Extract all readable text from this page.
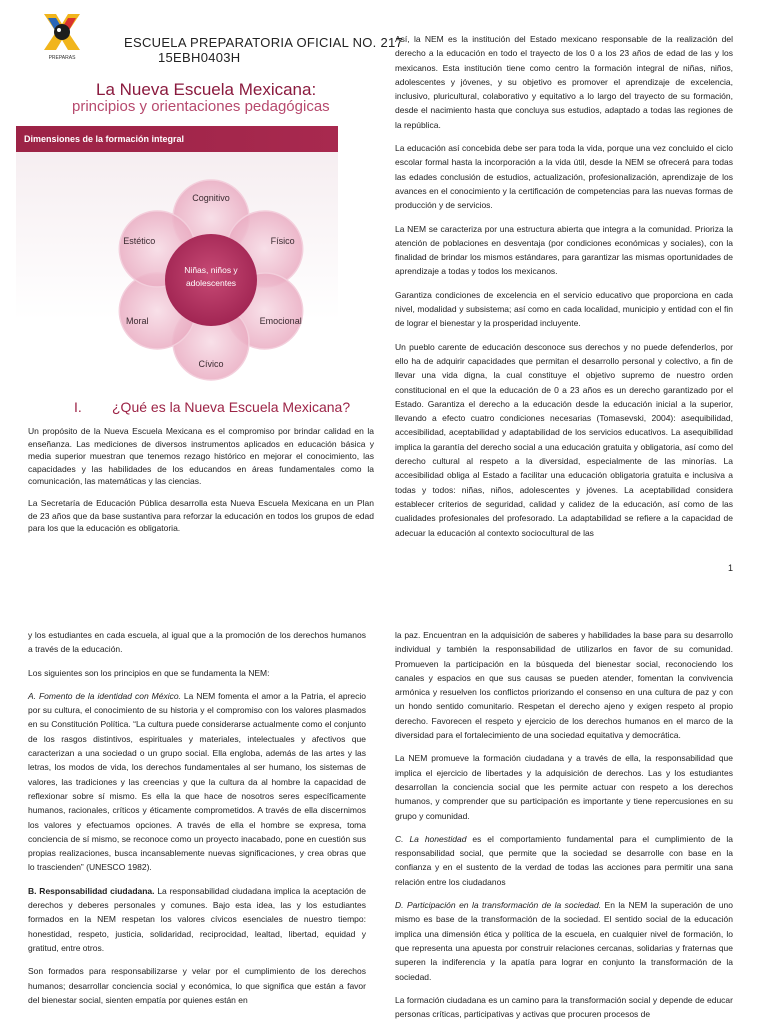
PREPARAS
ESCUELA PREPARATORIA OFICIAL NO. 217
15EBH0403H
La Nueva Escuela Mexicana:
principios y orientaciones pedagógicas
Dimensiones de la formación integral
Cognitivo
Físico
Emocional
Cívico
Moral
Estético
Niñas, niños y
adolescentes
I. ¿Qué es la Nueva Escuela Mexicana?

Un propósito de la Nueva Escuela Mexicana es el compromiso por brindar calidad en la enseñanza. Las mediciones de diversos instrumentos aplicados en educación básica y media superior muestran que tenemos rezago histórico en mejorar el conocimiento, las capacidades y las habilidades de los educandos en áreas fundamentales como la comunicación, las matemáticas y las ciencias.

La Secretaría de Educación Pública desarrolla esta Nueva Escuela Mexicana en un Plan de 23 años que da base sustantiva para reforzar la educación en todos los grupos de edad para los que la educación es obligatoria.

Así, la NEM es la institución del Estado mexicano responsable de la realización del derecho a la educación en todo el trayecto de los 0 a los 23 años de edad de las y los mexicanos. Esta institución tiene como centro la formación integral de niñas, niños, adolescentes y jóvenes, y su objetivo es promover el aprendizaje de excelencia, inclusivo, pluricultural, colaborativo y equitativo a lo largo del trayecto de su formación, desde el nacimiento hasta que concluya sus estudios, adaptado a todas las regiones de la república.

La educación así concebida debe ser para toda la vida, porque una vez concluido el ciclo escolar formal hasta la incorporación a la vida útil, desde la NEM se ofrecerá para todas las edades conclusión de estudios, actualización, profesionalización, aprendizaje de los avances en el conocimiento y la certificación de competencias para las nuevas formas de producción y de servicios.

La NEM se caracteriza por una estructura abierta que integra a la comunidad. Prioriza la atención de poblaciones en desventaja (por condiciones económicas y sociales), con la finalidad de brindar los mismos estándares, para garantizar las mismas oportunidades de aprendizaje a todas y todos los mexicanos.

Garantiza condiciones de excelencia en el servicio educativo que proporciona en cada nivel, modalidad y subsistema; así como en cada localidad, municipio y entidad con el fin de lograr el bienestar y la prosperidad incluyente.

Un pueblo carente de educación desconoce sus derechos y no puede defenderlos, por ello ha de adquirir capacidades que permitan el desarrollo personal y colectivo, a fin de llevar una vida digna, la cual constituye el objetivo supremo de nuestro orden constitucional en el que la educación de 0 a 23 años es un derecho garantizado por el Estado. Garantiza el derecho a la educación desde la educación inicial a la superior, llevando a efecto cuatro condiciones necesarias (Tomasevski, 2004): asequibilidad, accesibilidad, aceptabilidad y adaptabilidad de los servicios educativos. La asequibilidad implica la garantía del derecho social a una educación gratuita y obligatoria, así como del derecho cultural al respeto a la diversidad, especialmente de las minorías. La accesibilidad obliga al Estado a facilitar una educación obligatoria gratuita e inclusiva a todas y todos: niñas, niños, adolescentes y jóvenes. La aceptabilidad considera establecer criterios de seguridad, calidad y calidez de la educación, así como de las cualidades profesionales del profesorado. La adaptabilidad se refiere a la capacidad de adecuar la educación al contexto sociocultural de las

1

y los estudiantes en cada escuela, al igual que a la promoción de los derechos humanos a través de la educación.

Los siguientes son los principios en que se fundamenta la NEM:

A. Fomento de la identidad con México. La NEM fomenta el amor a la Patria, el aprecio por su cultura, el conocimiento de su historia y el compromiso con los valores plasmados en su Constitución Política. “La cultura puede considerarse actualmente como el conjunto de los rasgos distintivos, espirituales y materiales, intelectuales y afectivos que caracterizan a una sociedad o un grupo social. Ella engloba, además de las artes y las letras, los modos de vida, los derechos fundamentales al ser humano, los sistemas de valores, las tradiciones y las creencias y que la cultura da al hombre la capacidad de reflexionar sobre sí mismo. Es ella la que hace de nosotros seres específicamente humanos, racionales, críticos y éticamente comprometidos. A través de ella discernimos los valores y efectuamos opciones. A través de ella el hombre se expresa, toma conciencia de sí mismo, se reconoce como un proyecto inacabado, pone en cuestión sus propias realizaciones, busca incansablemente nuevas significaciones, y crea obras que lo trascienden” (UNESCO 1982).

B. Responsabilidad ciudadana. La responsabilidad ciudadana implica la aceptación de derechos y deberes personales y comunes. Bajo esta idea, las y los estudiantes formados en la NEM respetan los valores cívicos esenciales de nuestro tiempo: honestidad, respeto, justicia, solidaridad, reciprocidad, lealtad, libertad, equidad y gratitud, entre otros.

Son formados para responsabilizarse y velar por el cumplimiento de los derechos humanos; desarrollar conciencia social y económica, lo que significa que están a favor del bienestar social, sienten empatía por quienes están en

la paz. Encuentran en la adquisición de saberes y habilidades la base para su desarrollo individual y también la responsabilidad de utilizarlos en favor de su comunidad. Promueven la participación en la búsqueda del bienestar social, reconociendo los canales y espacios en que sus causas se pueden atender, fomentan la convivencia armónica y resuelven los conflictos priorizando el consenso en una cultura de paz y con un hondo sentido comunitario. Respetan el derecho ajeno y exigen respeto al propio derecho. Favorecen el respeto y ejercicio de los derechos humanos en el marco de la diversidad para el fortalecimiento de una sociedad equitativa y democrática.

La NEM promueve la formación ciudadana y a través de ella, la responsabilidad que implica el ejercicio de libertades y la adquisición de derechos. Las y los estudiantes desarrollan la conciencia social que les permite actuar con respeto a los derechos humanos, y comprender que su participación es importante y tiene repercusiones en su grupo y comunidad.

C. La honestidad es el comportamiento fundamental para el cumplimiento de la responsabilidad social, que permite que la sociedad se desarrolle con base en la confianza y en el sustento de la verdad de todas las acciones para permitir una sana relación entre los ciudadanos

D. Participación en la transformación de la sociedad. En la NEM la superación de uno mismo es base de la transformación de la sociedad. El sentido social de la educación implica una dimensión ética y política de la escuela, en cualquier nivel de formación, lo que representa una apuesta por construir relaciones cercanas, solidarias y fraternas que superen la indiferencia y la apatía para lograr en conjunto la transformación de la sociedad.

La formación ciudadana es un camino para la transformación social y depende de educar personas críticas, participativas y activas que procuren procesos de
